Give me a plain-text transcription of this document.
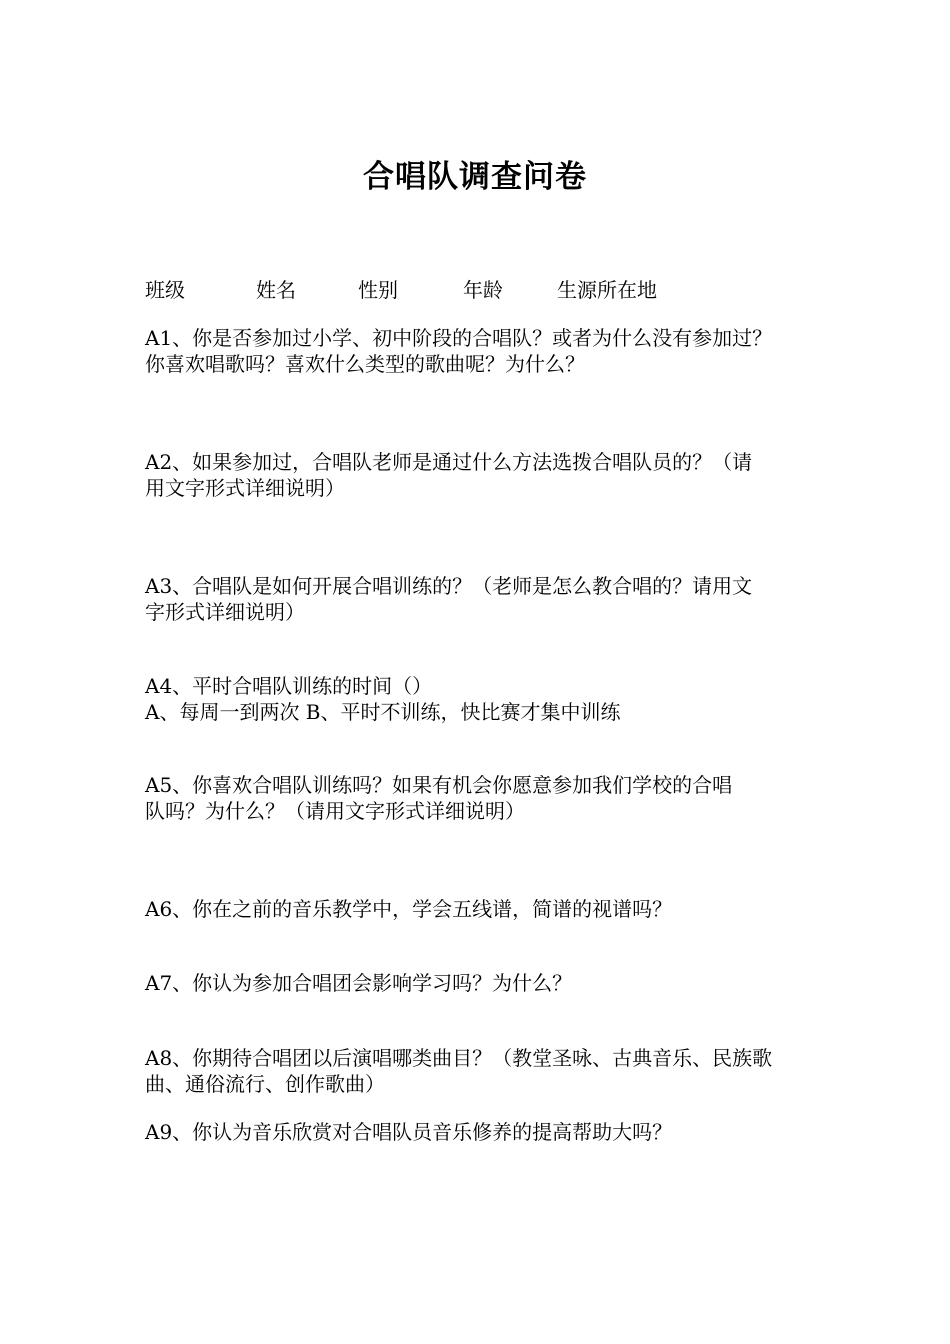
合唱队调查问卷
班级	姓名	性别	年龄	生源所在地
A1、你是否参加过小学、初中阶段的合唱队？或者为什么没有参加过？
你喜欢唱歌吗？喜欢什么类型的歌曲呢？为什么？
A2、如果参加过，合唱队老师是通过什么方法选拨合唱队员的？（请
用文字形式详细说明）
A3、合唱队是如何开展合唱训练的？（老师是怎么教合唱的？请用文
字形式详细说明）
A4、平时合唱队训练的时间（）
A、每周一到两次 B、平时不训练，快比赛才集中训练
A5、你喜欢合唱队训练吗？如果有机会你愿意参加我们学校的合唱
队吗？为什么？（请用文字形式详细说明）
A6、你在之前的音乐教学中，学会五线谱，简谱的视谱吗？
A7、你认为参加合唱团会影响学习吗？为什么？
A8、你期待合唱团以后演唱哪类曲目？（教堂圣咏、古典音乐、民族歌
曲、通俗流行、创作歌曲）
A9、你认为音乐欣赏对合唱队员音乐修养的提高帮助大吗？
